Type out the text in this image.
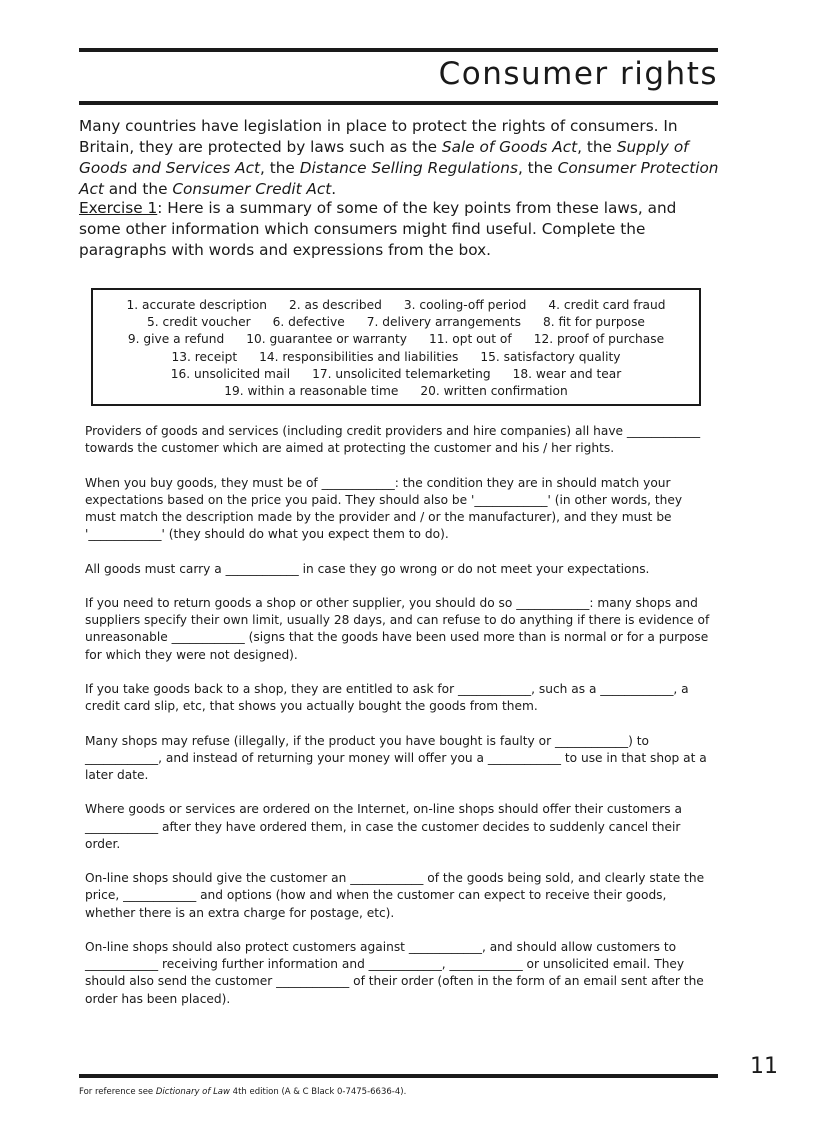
Consumer rights

Many countries have legislation in place to protect the rights of consumers. In Britain, they are protected by laws such as the Sale of Goods Act, the Supply of Goods and Services Act, the Distance Selling Regulations, the Consumer Protection Act and the Consumer Credit Act.

Exercise 1: Here is a summary of some of the key points from these laws, and some other information which consumers might find useful. Complete the paragraphs with words and expressions from the box.

1. accurate description 2. as described 3. cooling-off period 4. credit card fraud
5. credit voucher 6. defective 7. delivery arrangements 8. fit for purpose
9. give a refund 10. guarantee or warranty 11. opt out of 12. proof of purchase
13. receipt 14. responsibilities and liabilities 15. satisfactory quality
16. unsolicited mail 17. unsolicited telemarketing 18. wear and tear
19. within a reasonable time 20. written confirmation

Providers of goods and services (including credit providers and hire companies) all have ____________ towards the customer which are aimed at protecting the customer and his / her rights.

When you buy goods, they must be of ____________: the condition they are in should match your expectations based on the price you paid. They should also be '____________' (in other words, they must match the description made by the provider and / or the manufacturer), and they must be '____________' (they should do what you expect them to do).

All goods must carry a ____________ in case they go wrong or do not meet your expectations.

If you need to return goods a shop or other supplier, you should do so ____________: many shops and suppliers specify their own limit, usually 28 days, and can refuse to do anything if there is evidence of unreasonable ____________ (signs that the goods have been used more than is normal or for a purpose for which they were not designed).

If you take goods back to a shop, they are entitled to ask for ____________, such as a ____________, a credit card slip, etc, that shows you actually bought the goods from them.

Many shops may refuse (illegally, if the product you have bought is faulty or ____________) to ____________, and instead of returning your money will offer you a ____________ to use in that shop at a later date.

Where goods or services are ordered on the Internet, on-line shops should offer their customers a ____________ after they have ordered them, in case the customer decides to suddenly cancel their order.

On-line shops should give the customer an ____________ of the goods being sold, and clearly state the price, ____________ and options (how and when the customer can expect to receive their goods, whether there is an extra charge for postage, etc).

On-line shops should also protect customers against ____________, and should allow customers to ____________ receiving further information and ____________, ____________ or unsolicited email. They should also send the customer ____________ of their order (often in the form of an email sent after the order has been placed).

11
For reference see Dictionary of Law 4th edition (A & C Black 0-7475-6636-4).
